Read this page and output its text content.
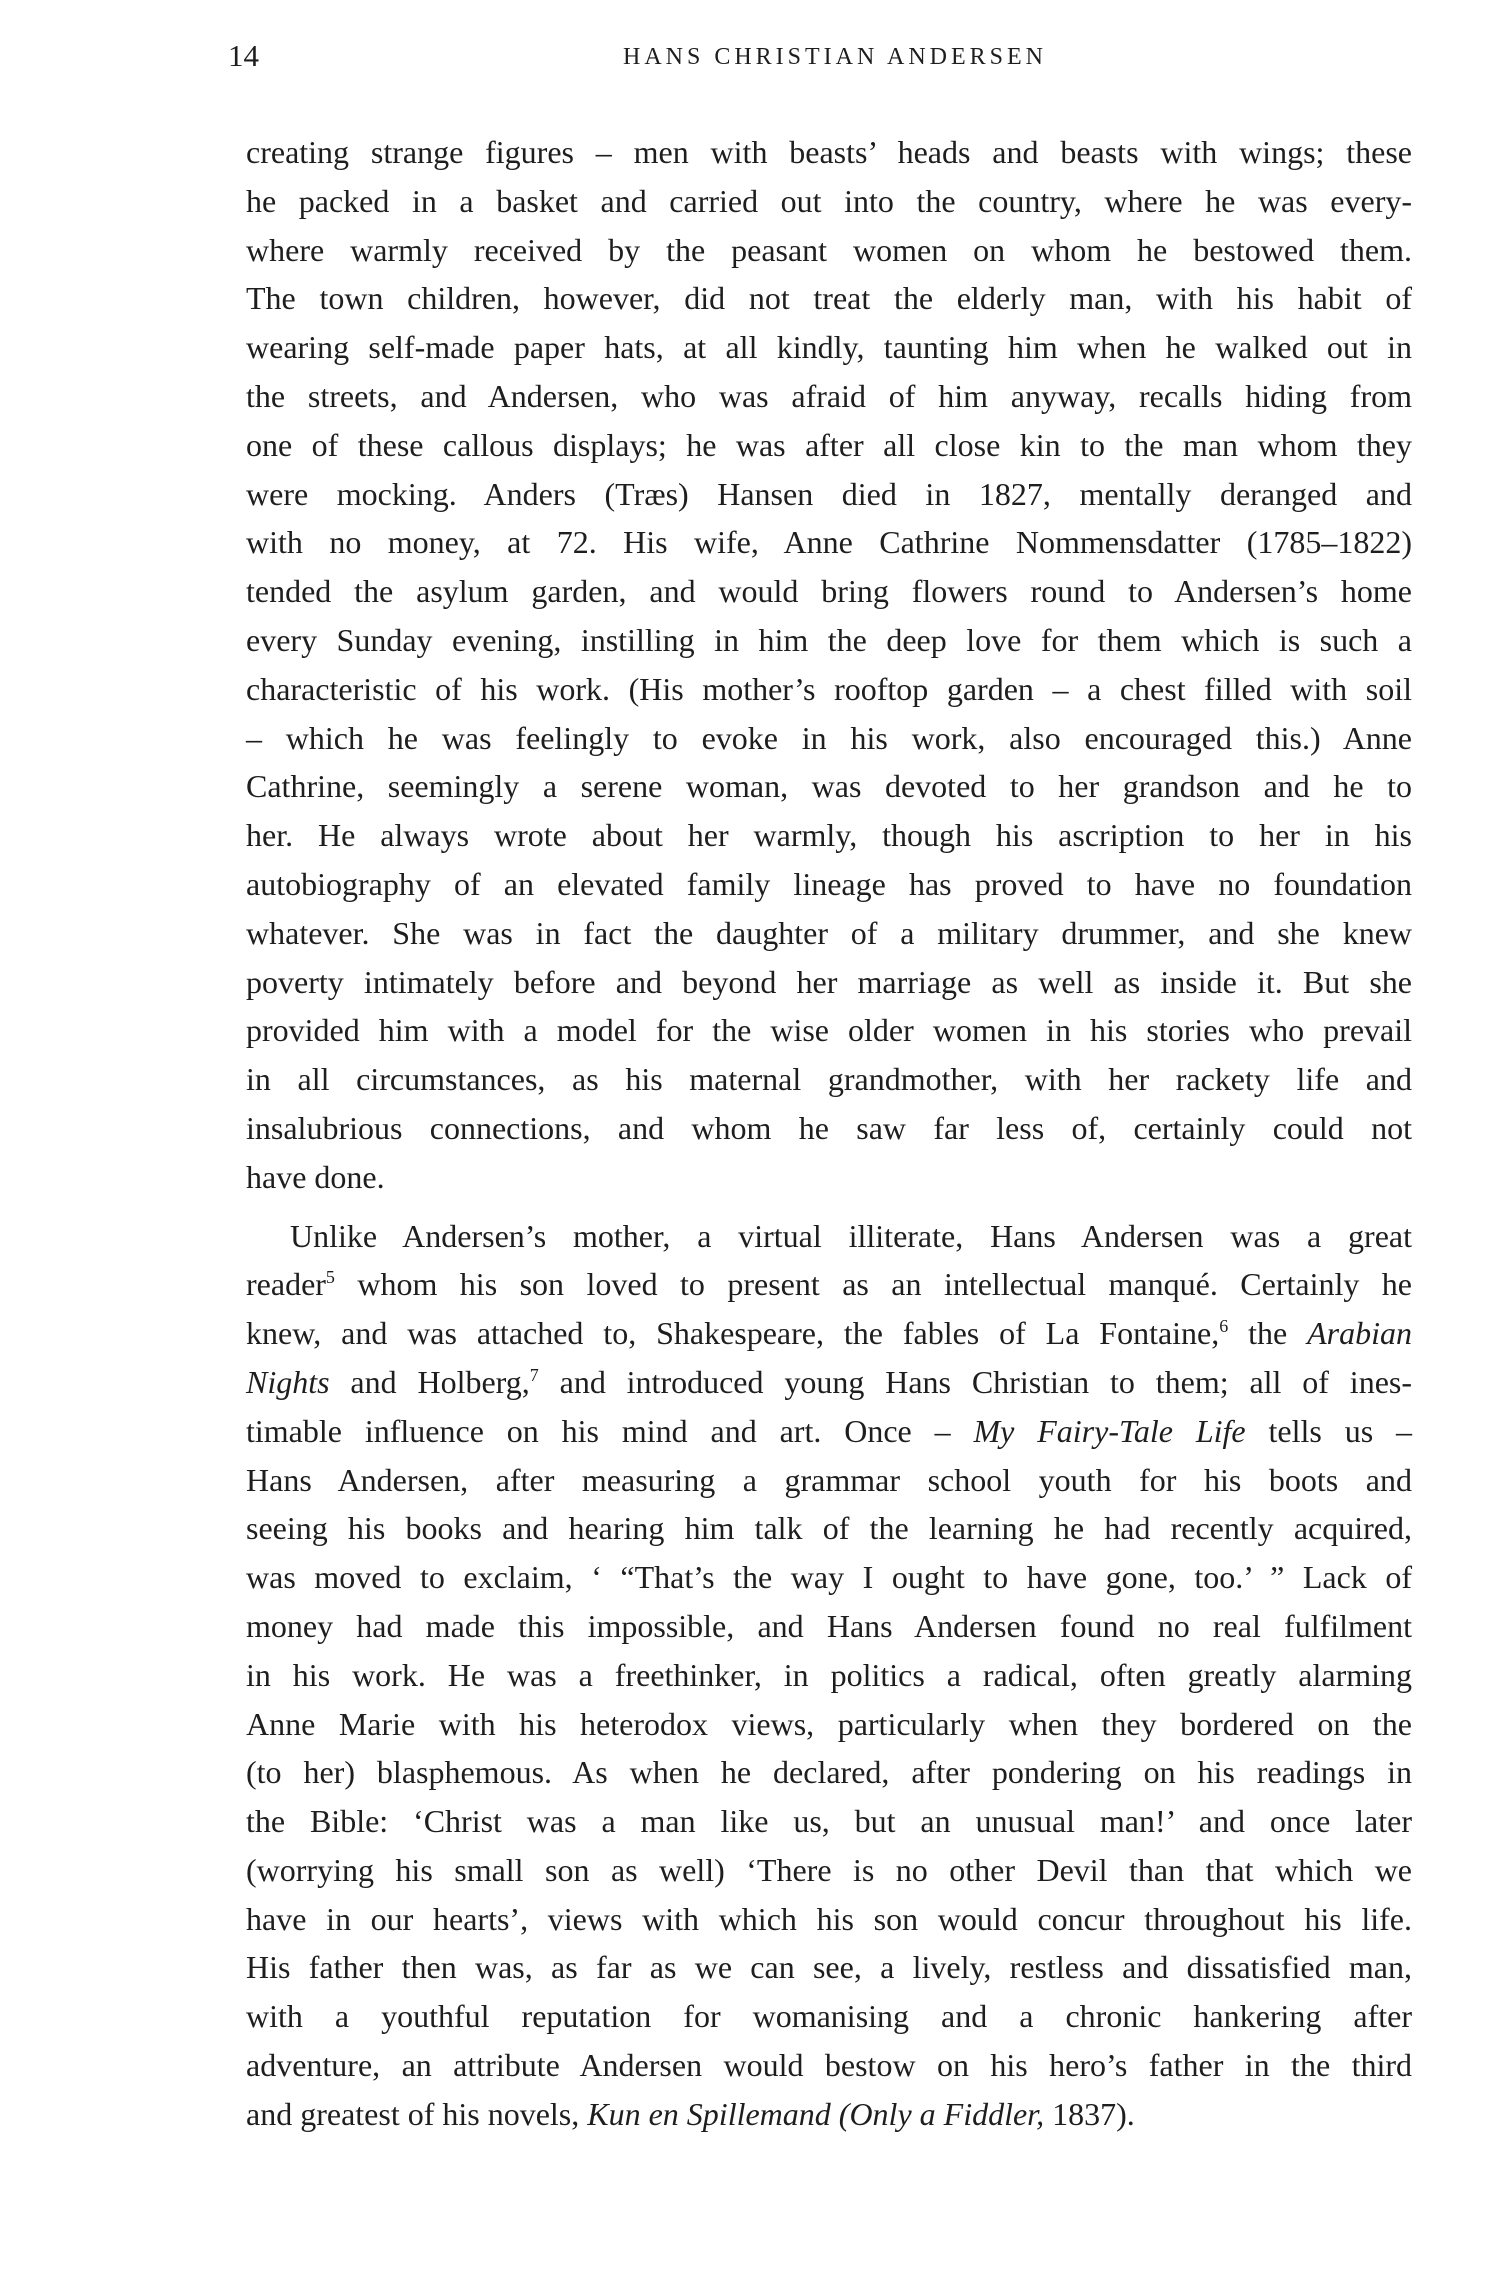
14	HANS CHRISTIAN ANDERSEN
creating strange figures – men with beasts’ heads and beasts with wings; these
he packed in a basket and carried out into the country, where he was every-
where warmly received by the peasant women on whom he bestowed them.
The town children, however, did not treat the elderly man, with his habit of
wearing self-made paper hats, at all kindly, taunting him when he walked out in
the streets, and Andersen, who was afraid of him anyway, recalls hiding from
one of these callous displays; he was after all close kin to the man whom they
were mocking. Anders (Træs) Hansen died in 1827, mentally deranged and
with no money, at 72. His wife, Anne Cathrine Nommensdatter (1785–1822)
tended the asylum garden, and would bring flowers round to Andersen’s home
every Sunday evening, instilling in him the deep love for them which is such a
characteristic of his work. (His mother’s rooftop garden – a chest filled with soil
– which he was feelingly to evoke in his work, also encouraged this.) Anne
Cathrine, seemingly a serene woman, was devoted to her grandson and he to
her. He always wrote about her warmly, though his ascription to her in his
autobiography of an elevated family lineage has proved to have no foundation
whatever. She was in fact the daughter of a military drummer, and she knew
poverty intimately before and beyond her marriage as well as inside it. But she
provided him with a model for the wise older women in his stories who prevail
in all circumstances, as his maternal grandmother, with her rackety life and
insalubrious connections, and whom he saw far less of, certainly could not
have done.
Unlike Andersen’s mother, a virtual illiterate, Hans Andersen was a great
reader$^5$ whom his son loved to present as an intellectual manqué. Certainly he
knew, and was attached to, Shakespeare, the fables of La Fontaine,$^6$ the Arabian
Nights and Holberg,$^7$ and introduced young Hans Christian to them; all of ines-
timable influence on his mind and art. Once – My Fairy-Tale Life tells us –
Hans Andersen, after measuring a grammar school youth for his boots and
seeing his books and hearing him talk of the learning he had recently acquired,
was moved to exclaim, ‘ “That’s the way I ought to have gone, too.’ ” Lack of
money had made this impossible, and Hans Andersen found no real fulfilment
in his work. He was a freethinker, in politics a radical, often greatly alarming
Anne Marie with his heterodox views, particularly when they bordered on the
(to her) blasphemous. As when he declared, after pondering on his readings in
the Bible: ‘Christ was a man like us, but an unusual man!’ and once later
(worrying his small son as well) ‘There is no other Devil than that which we
have in our hearts’, views with which his son would concur throughout his life.
His father then was, as far as we can see, a lively, restless and dissatisfied man,
with a youthful reputation for womanising and a chronic hankering after
adventure, an attribute Andersen would bestow on his hero’s father in the third
and greatest of his novels, Kun en Spillemand (Only a Fiddler, 1837).
